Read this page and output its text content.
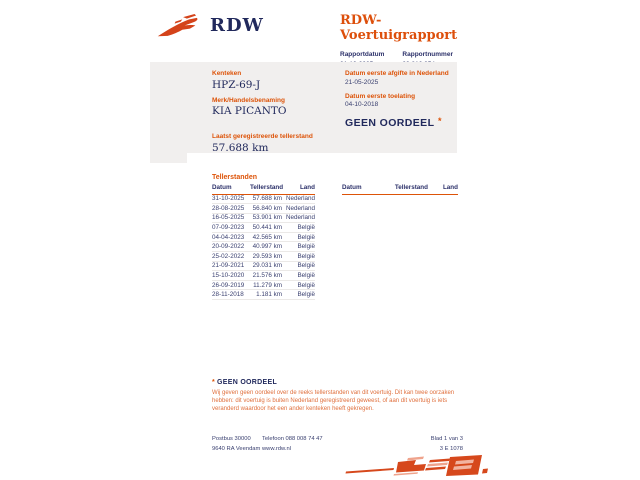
RDW	RDW-Voertuigrapport
Rapportdatum	Rapportnummer
Kenteken
HPZ-69-J
Merk/Handelsbenaming
KIA PICANTO
Laatst geregistreerde tellerstand
57.688 km
Datum eerste afgifte in Nederland
21-05-2025
Datum eerste toelating
04-10-2018
GEEN OORDEEL *
Tellerstanden
Datum	Tellerstand	Land
31-10-2025	57.688 km Nederland
28-08-2025	56.840 km Nederland
16-05-2025	53.901 km Nederland
07-09-2023	50.441 km	België
04-04-2023	42.565 km	België
20-09-2022	40.997 km	België
25-02-2022	29.593 km	België
21-09-2021	29.031 km	België
15-10-2020	21.576 km	België
26-09-2019	11.279 km	België
28-11-2018	1.181 km	België
Datum	Tellerstand	Land
* GEEN OORDEEL
Wij geven geen oordeel over de reeks tellerstanden van dit voertuig. Dit kan twee oorzaken hebben: dit voertuig is buiten Nederland geregistreerd geweest, of aan dit voertuig is iets veranderd waardoor het een ander kenteken heeft gekregen.
Postbus 30000
9640 RA Veendam
Telefoon 088 008 74 47
www.rdw.nl
Blad 1 van 3
3 E 1078
